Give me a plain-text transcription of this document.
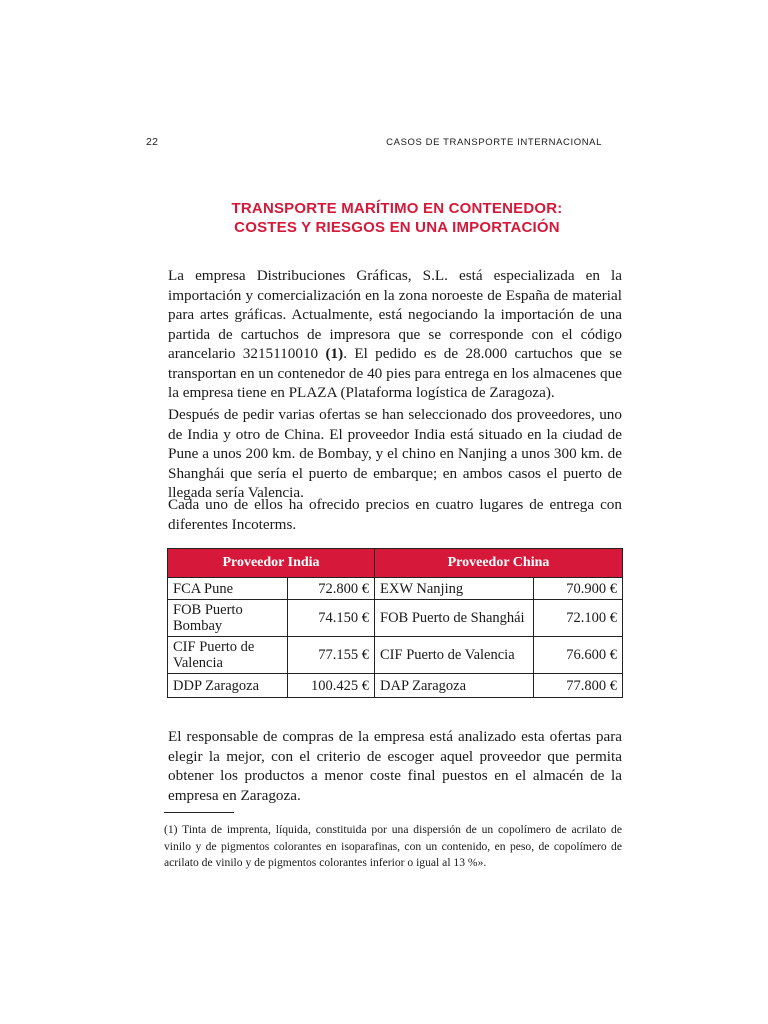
22	CASOS DE TRANSPORTE INTERNACIONAL
TRANSPORTE MARÍTIMO EN CONTENEDOR:
COSTES Y RIESGOS EN UNA IMPORTACIÓN

La empresa Distribuciones Gráficas, S.L. está especializada en la importación y comercialización en la zona noroeste de España de material para artes gráficas. Actualmente, está negociando la importación de una partida de cartuchos de impresora que se corresponde con el código arancelario 3215110010 (1). El pedido es de 28.000 cartuchos que se transportan en un contenedor de 40 pies para entrega en los almacenes que la empresa tiene en PLAZA (Plataforma logística de Zaragoza).

Después de pedir varias ofertas se han seleccionado dos proveedores, uno de India y otro de China. El proveedor India está situado en la ciudad de Pune a unos 200 km. de Bombay, y el chino en Nanjing a unos 300 km. de Shanghái que sería el puerto de embarque; en ambos casos el puerto de llegada sería Valencia.

Cada uno de ellos ha ofrecido precios en cuatro lugares de entrega con diferentes Incoterms.

Proveedor India		Proveedor China	
FCA Pune	72.800 €	EXW Nanjing	70.900 €
FOB Puerto Bombay	74.150 €	FOB Puerto de Shanghái	72.100 €
CIF Puerto de Valencia	77.155 €	CIF Puerto de Valencia	76.600 €
DDP Zaragoza	100.425 €	DAP Zaragoza	77.800 €

El responsable de compras de la empresa está analizado esta ofertas para elegir la mejor, con el criterio de escoger aquel proveedor que permita obtener los productos a menor coste final puestos en el almacén de la empresa en Zaragoza.

(1) Tinta de imprenta, líquida, constituida por una dispersión de un copolímero de acrilato de vinilo y de pigmentos colorantes en isoparafinas, con un contenido, en peso, de copolímero de acrilato de vinilo y de pigmentos colorantes inferior o igual al 13 %».
